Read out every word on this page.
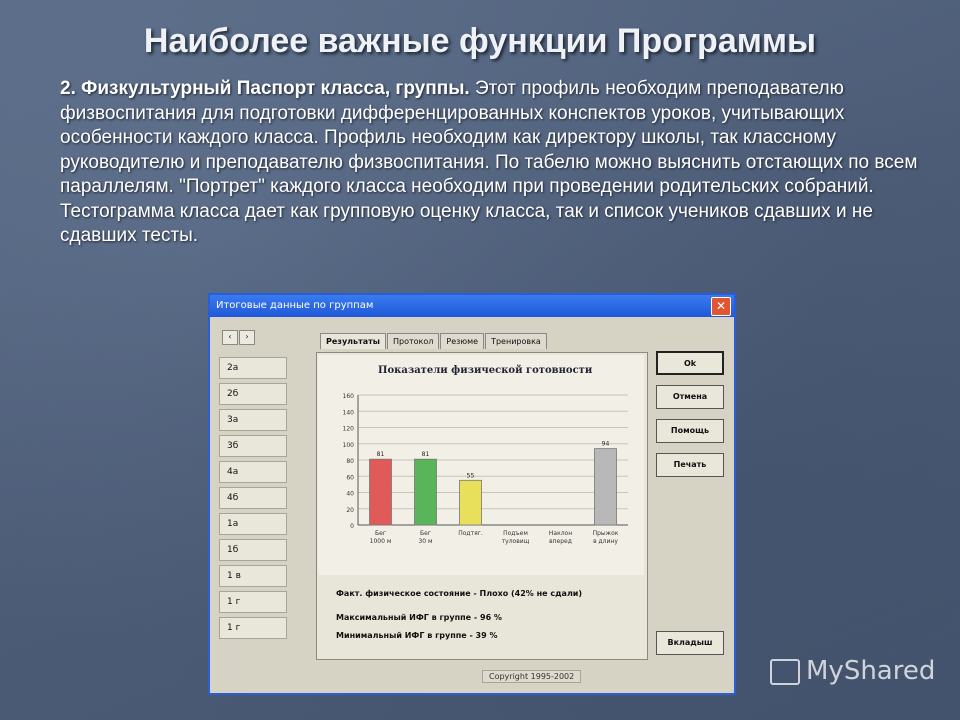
Наиболее важные функции Программы
2. Физкультурный Паспорт класса, группы. Этот профиль необходим преподавателю физвоспитания для подготовки дифференцированных конспектов уроков, учитывающих особенности каждого класса. Профиль необходим как директору школы, так классному руководителю и преподавателю физвоспитания. По табелю можно выяснить отстающих по всем параллелям. "Портрет" каждого класса необходим при проведении родительских собраний. Тестограмма класса дает как групповую оценку класса, так и список учеников сдавших и не сдавших тесты.
Итоговые данные по группам	✕
‹ ›
2а
2б
3а
3б
4а
4б
1а
1б
1 в
1 г
1 г
Результаты Протокол Резюме Тренировка
Показатели физической готовности
0
20
40
60
80
100
120
140
160
81
Бег
1000 м
81
Бег
30 м
55
Подтяг.	Подъем
туловищ
Наклон
вперед
94
Прыжок
в длину
Факт. физическое состояние - Плохо (42% не сдали)
Максимальный ИФГ в группе - 96 %
Минимальный ИФГ в группе - 39 %
Copyright 1995-2002
Ok
Отмена
Помощь
Печать
Вкладыш
MyShared
